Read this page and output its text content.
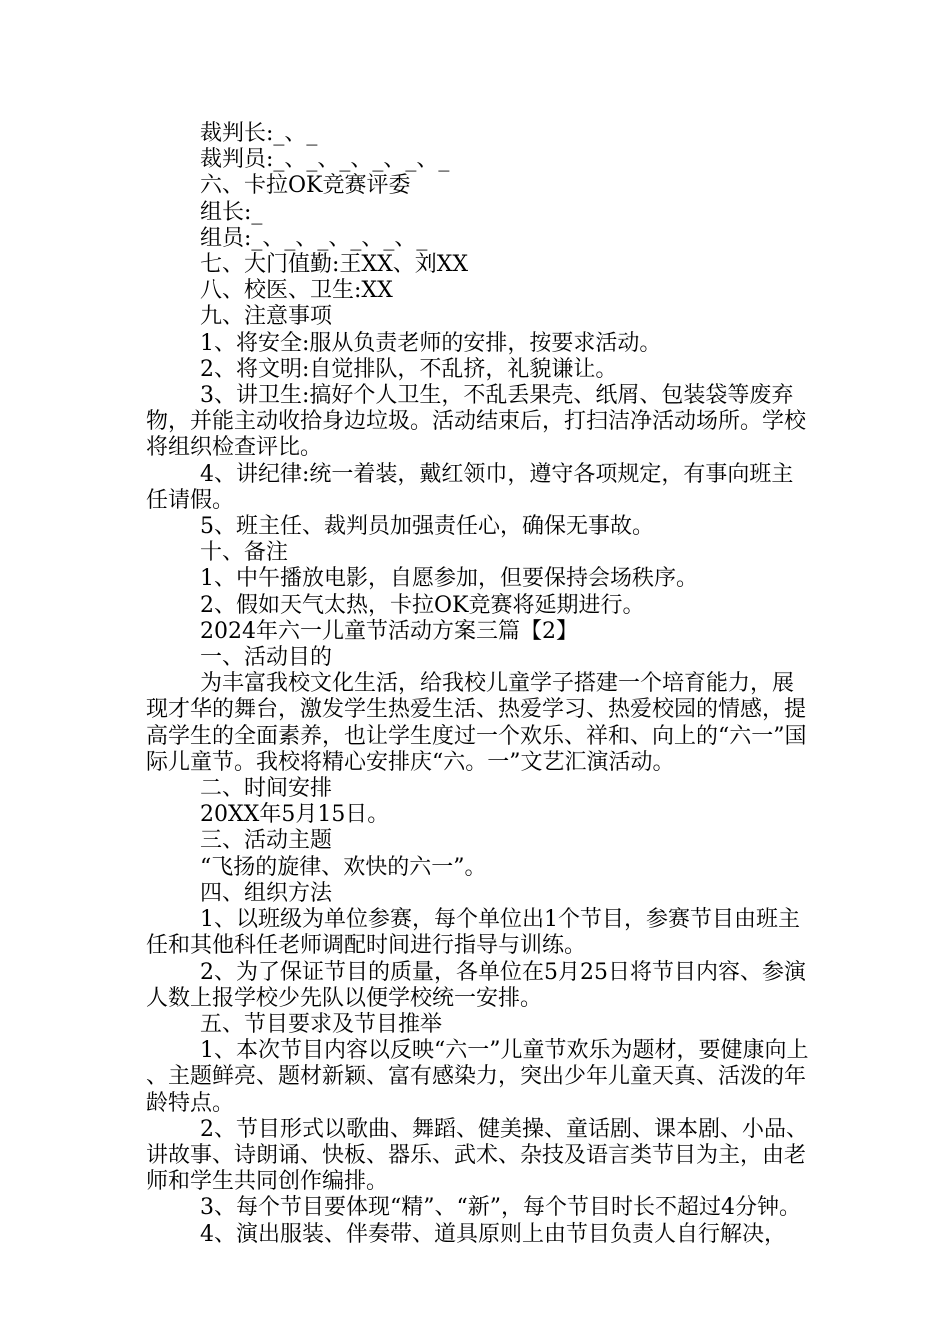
裁判长:_、_

裁判员:_、_、_、_、_、_

六、卡拉OK竞赛评委

组长:_

组员:_、_、_、_、_、_

七、大门值勤:王XX、刘XX

八、校医、卫生:XX

九、注意事项

1、将安全:服从负责老师的安排，按要求活动。

2、将文明:自觉排队，不乱挤，礼貌谦让。

3、讲卫生:搞好个人卫生，不乱丢果壳、纸屑、包装袋等废弃物，并能主动收拾身边垃圾。活动结束后，打扫洁净活动场所。学校将组织检查评比。

4、讲纪律:统一着装，戴红领巾，遵守各项规定，有事向班主任请假。

5、班主任、裁判员加强责任心，确保无事故。

十、备注

1、中午播放电影，自愿参加，但要保持会场秩序。

2、假如天气太热，卡拉OK竞赛将延期进行。

2024年六一儿童节活动方案三篇【2】

一、活动目的

为丰富我校文化生活，给我校儿童学子搭建一个培育能力，展现才华的舞台，激发学生热爱生活、热爱学习、热爱校园的情感，提高学生的全面素养，也让学生度过一个欢乐、祥和、向上的“六一”国际儿童节。我校将精心安排庆“六。一”文艺汇演活动。

二、时间安排

20XX年5月15日。

三、活动主题

“飞扬的旋律、欢快的六一”。

四、组织方法

1、以班级为单位参赛，每个单位出1个节目，参赛节目由班主任和其他科任老师调配时间进行指导与训练。

2、为了保证节目的质量，各单位在5月25日将节目内容、参演人数上报学校少先队以便学校统一安排。

五、节目要求及节目推举

1、本次节目内容以反映“六一”儿童节欢乐为题材，要健康向上、主题鲜亮、题材新颖、富有感染力，突出少年儿童天真、活泼的年龄特点。

2、节目形式以歌曲、舞蹈、健美操、童话剧、课本剧、小品、讲故事、诗朗诵、快板、器乐、武术、杂技及语言类节目为主，由老师和学生共同创作编排。

3、每个节目要体现“精”、“新”，每个节目时长不超过4分钟。

4、演出服装、伴奏带、道具原则上由节目负责人自行解决，
